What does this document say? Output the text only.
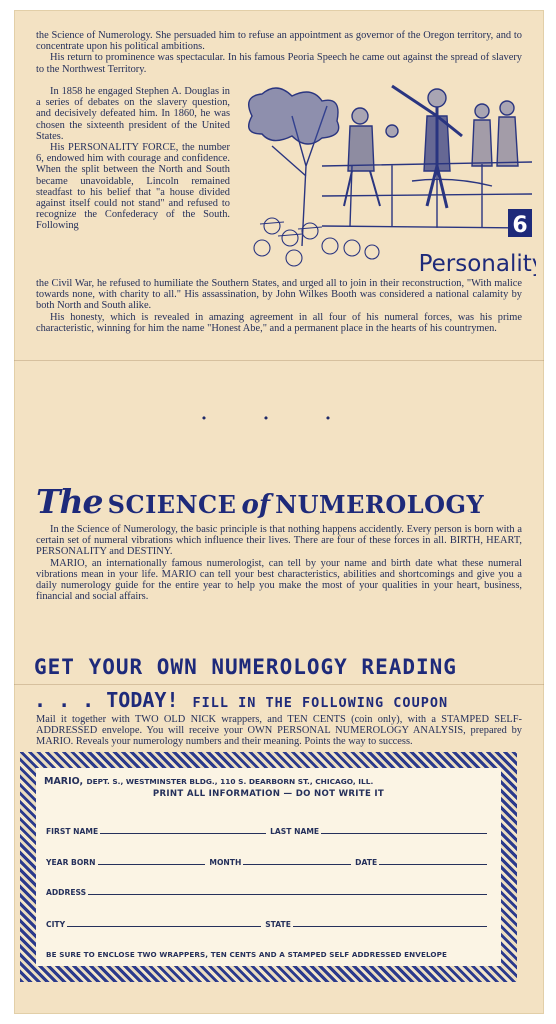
the Science of Numerology. She persuaded him to refuse an appointment as governor of the Oregon territory, and to concentrate upon his political ambitions.

His return to prominence was spectacular. In his famous Peoria Speech he came out against the spread of slavery to the Northwest Territory.

In 1858 he engaged Stephen A. Douglas in a series of debates on the slavery question, and decisively defeated him. In 1860, he was chosen the sixteenth president of the United States.

His PERSONALITY FORCE, the number 6, endowed him with courage and confidence. When the split between the North and South became unavoidable, Lincoln remained steadfast to his belief that "a house divided against itself could not stand" and refused to recognize the Confederacy of the South. Following	6
Personality

the Civil War, he refused to humiliate the Southern States, and urged all to join in their reconstruction, "With malice towards none, with charity to all." His assassination, by John Wilkes Booth was considered a national calamity by both North and South alike.

His honesty, which is revealed in amazing agreement in all four of his numeral forces, was his prime characteristic, winning for him the name "Honest Abe," and a permanent place in the hearts of his countrymen.

• • •
The SCIENCE of NUMEROLOGY

In the Science of Numerology, the basic principle is that nothing happens accidently. Every person is born with a certain set of numeral vibrations which influence their lives. There are four of these forces in all. BIRTH, HEART, PERSONALITY and DESTINY.

MARIO, an internationally famous numerologist, can tell by your name and birth date what these numeral vibrations mean in your life. MARIO can tell your best characteristics, abilities and shortcomings and give you a daily numerology guide for the entire year to help you make the most of your qualities in your heart, business, financial and social affairs.

GET YOUR OWN NUMEROLOGY READING
. . . TODAY! FILL IN THE FOLLOWING COUPON

Mail it together with TWO OLD NICK wrappers, and TEN CENTS (coin only), with a STAMPED SELF-ADDRESSED envelope. You will receive your OWN PERSONAL NUMEROLOGY ANALYSIS, prepared by MARIO. Reveals your numerology numbers and their meaning. Points the way to success.

MARIO, DEPT. S., WESTMINSTER BLDG., 110 S. DEARBORN ST., CHICAGO, ILL.
PRINT ALL INFORMATION — DO NOT WRITE IT
FIRST NAME	LAST NAME
YEAR BORN	MONTH	DATE
ADDRESS
CITY	STATE
BE SURE TO ENCLOSE TWO WRAPPERS, TEN CENTS AND A STAMPED SELF ADDRESSED ENVELOPE
